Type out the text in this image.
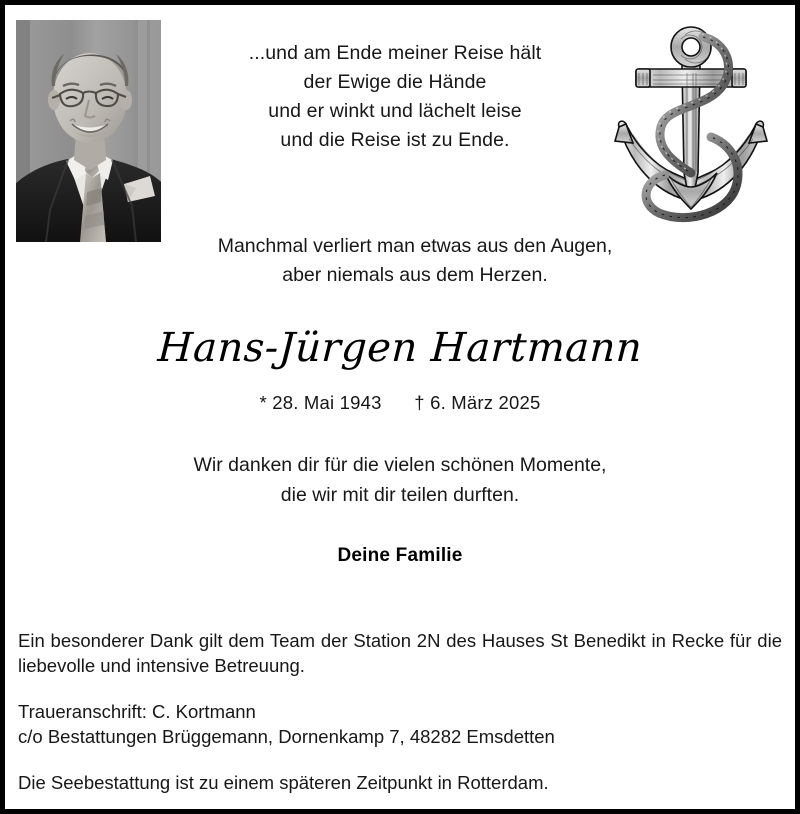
...und am Ende meiner Reise hält
der Ewige die Hände
und er winkt und lächelt leise
und die Reise ist zu Ende.
Manchmal verliert man etwas aus den Augen,
aber niemals aus dem Herzen.
Hans-Jürgen Hartmann
* 28. Mai 1943 † 6. März 2025
Wir danken dir für die vielen schönen Momente,
die wir mit dir teilen durften.
Deine Familie

Ein besonderer Dank gilt dem Team der Station 2N des Hauses St Benedikt in Recke für die liebevolle und intensive Betreuung.

Traueranschrift: C. Kortmann

c/o Bestattungen Brüggemann, Dornenkamp 7, 48282 Emsdetten

Die Seebestattung ist zu einem späteren Zeitpunkt in Rotterdam.
